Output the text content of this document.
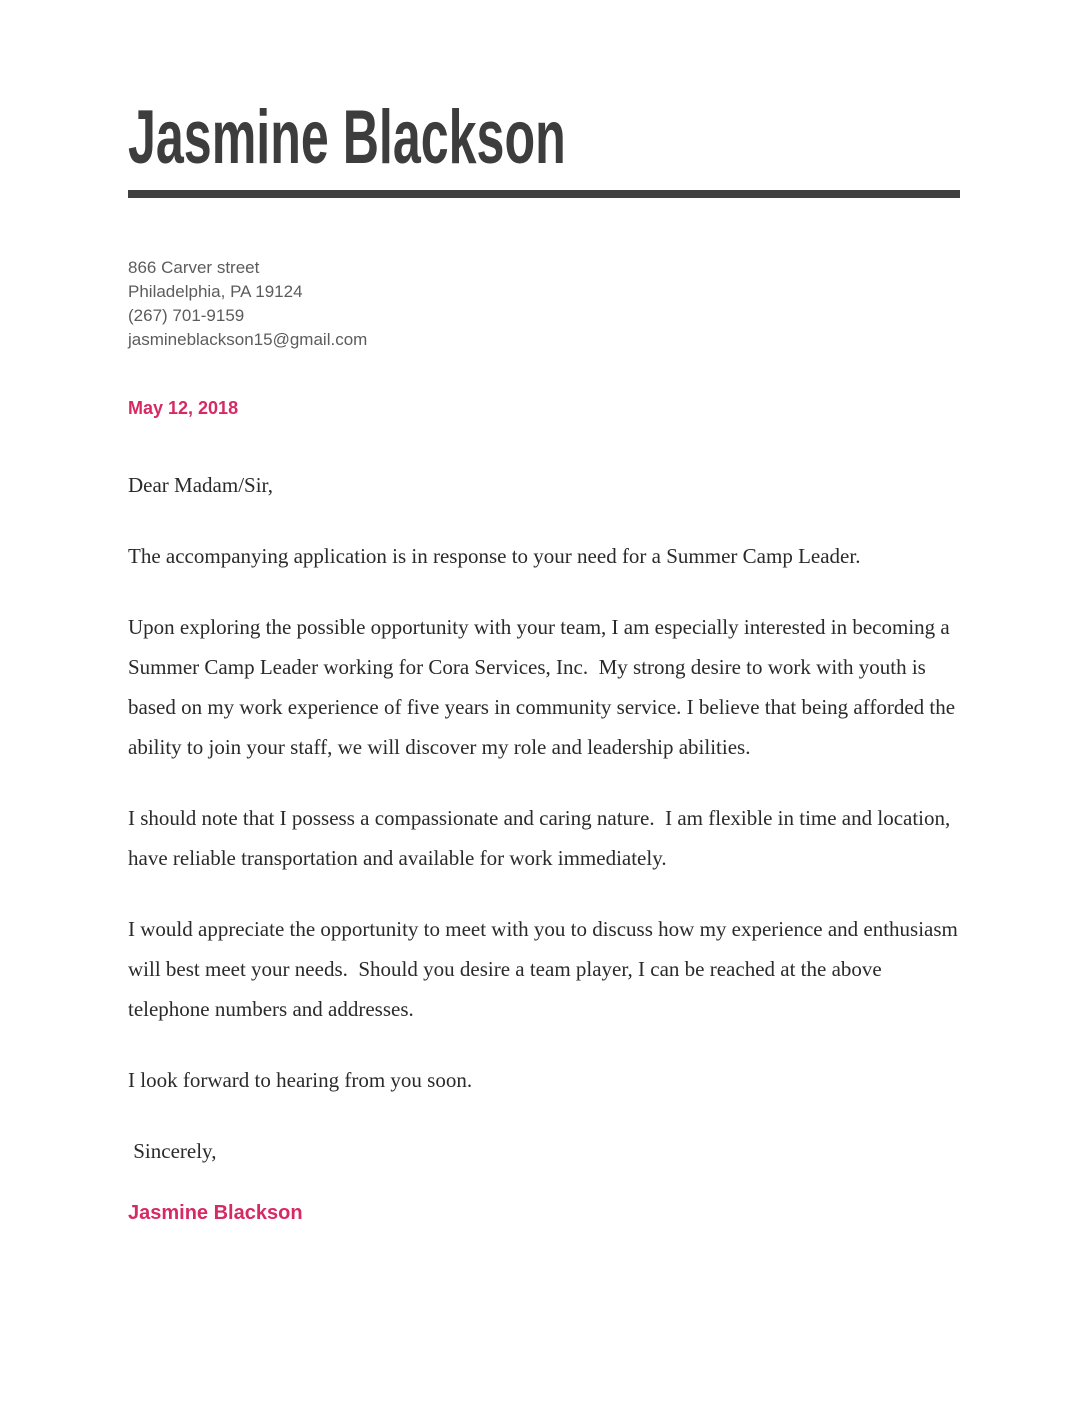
Jasmine Blackson
866 Carver street
Philadelphia, PA 19124
(267) 701-9159
jasmineblackson15@gmail.com
May 12, 2018

Dear Madam/Sir,

The accompanying application is in response to your need for a Summer Camp Leader.

Upon exploring the possible opportunity with your team, I am especially interested in becoming a Summer Camp Leader working for Cora Services, Inc.  My strong desire to work with youth is based on my work experience of five years in community service. I believe that being afforded the ability to join your staff, we will discover my role and leadership abilities.

I should note that I possess a compassionate and caring nature.  I am flexible in time and location, have reliable transportation and available for work immediately.

I would appreciate the opportunity to meet with you to discuss how my experience and enthusiasm will best meet your needs.  Should you desire a team player, I can be reached at the above telephone numbers and addresses.

I look forward to hearing from you soon.

Sincerely,

Jasmine Blackson
